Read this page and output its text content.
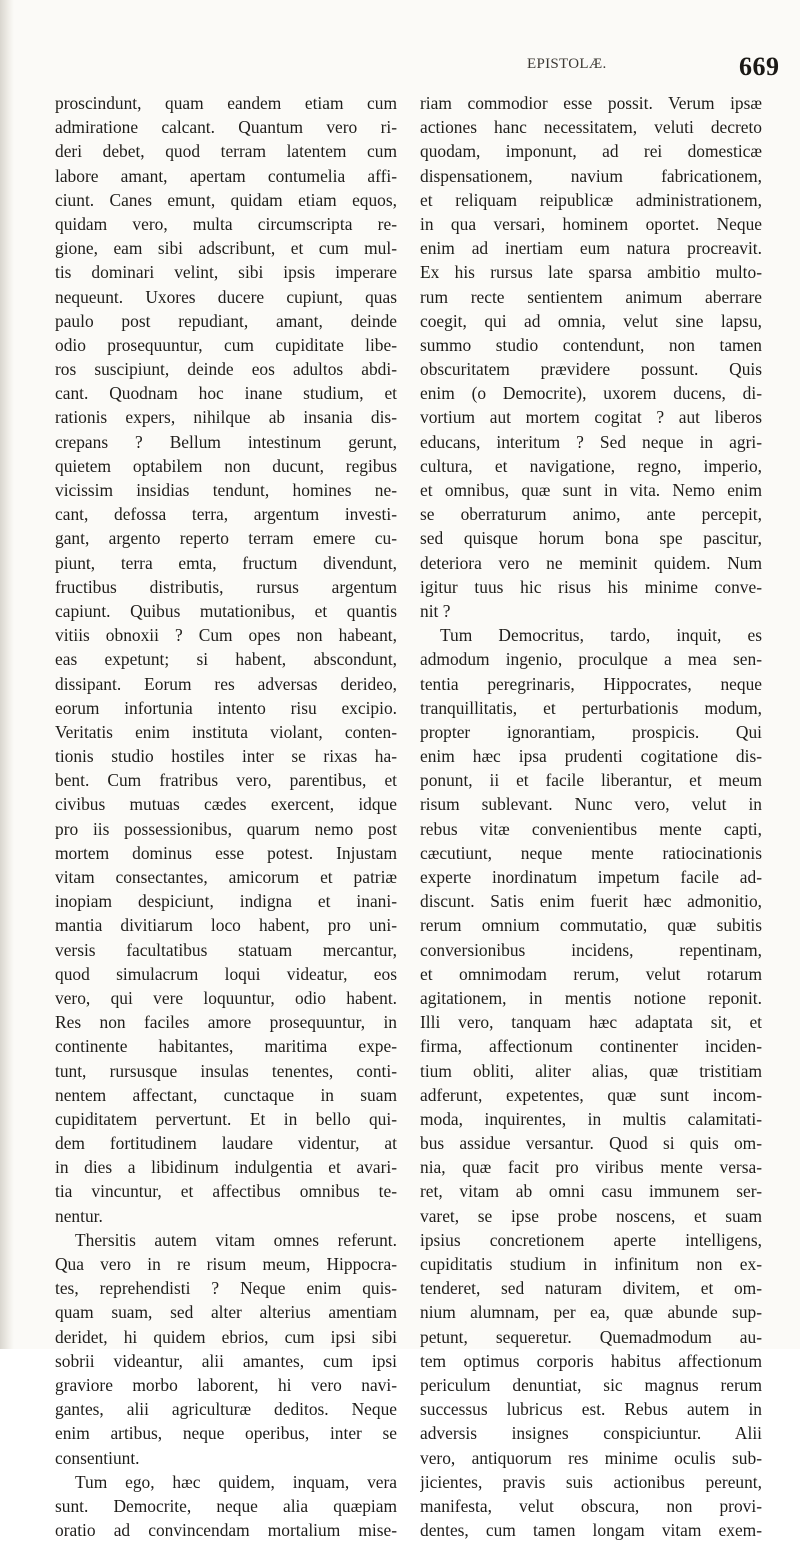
EPISTOLÆ.	669
proscindunt, quam eandem etiam cum
admiratione calcant. Quantum vero ri-
deri debet, quod terram latentem cum
labore amant, apertam contumelia affi-
ciunt. Canes emunt, quidam etiam equos,
quidam vero, multa circumscripta re-
gione, eam sibi adscribunt, et cum mul-
tis dominari velint, sibi ipsis imperare
nequeunt. Uxores ducere cupiunt, quas
paulo post repudiant, amant, deinde
odio prosequuntur, cum cupiditate libe-
ros suscipiunt, deinde eos adultos abdi-
cant. Quodnam hoc inane studium, et
rationis expers, nihilque ab insania dis-
crepans ? Bellum intestinum gerunt,
quietem optabilem non ducunt, regibus
vicissim insidias tendunt, homines ne-
cant, defossa terra, argentum investi-
gant, argento reperto terram emere cu-
piunt, terra emta, fructum divendunt,
fructibus distributis, rursus argentum
capiunt. Quibus mutationibus, et quantis
vitiis obnoxii ? Cum opes non habeant,
eas expetunt; si habent, abscondunt,
dissipant. Eorum res adversas derideo,
eorum infortunia intento risu excipio.
Veritatis enim instituta violant, conten-
tionis studio hostiles inter se rixas ha-
bent. Cum fratribus vero, parentibus, et
civibus mutuas cædes exercent, idque
pro iis possessionibus, quarum nemo post
mortem dominus esse potest. Injustam
vitam consectantes, amicorum et patriæ
inopiam despiciunt, indigna et inani-
mantia divitiarum loco habent, pro uni-
versis facultatibus statuam mercantur,
quod simulacrum loqui videatur, eos
vero, qui vere loquuntur, odio habent.
Res non faciles amore prosequuntur, in
continente habitantes, maritima expe-
tunt, rursusque insulas tenentes, conti-
nentem affectant, cunctaque in suam
cupiditatem pervertunt. Et in bello qui-
dem fortitudinem laudare videntur, at
in dies a libidinum indulgentia et avari-
tia vincuntur, et affectibus omnibus te-
nentur.
Thersitis autem vitam omnes referunt.
Qua vero in re risum meum, Hippocra-
tes, reprehendisti ? Neque enim quis-
quam suam, sed alter alterius amentiam
deridet, hi quidem ebrios, cum ipsi sibi
sobrii videantur, alii amantes, cum ipsi
graviore morbo laborent, hi vero navi-
gantes, alii agriculturæ deditos. Neque
enim artibus, neque operibus, inter se
consentiunt.
Tum ego, hæc quidem, inquam, vera
sunt. Democrite, neque alia quæpiam
oratio ad convincendam mortalium mise-
riam commodior esse possit. Verum ipsæ
actiones hanc necessitatem, veluti decreto
quodam, imponunt, ad rei domesticæ
dispensationem, navium fabricationem,
et reliquam reipublicæ administrationem,
in qua versari, hominem oportet. Neque
enim ad inertiam eum natura procreavit.
Ex his rursus late sparsa ambitio multo-
rum recte sentientem animum aberrare
coegit, qui ad omnia, velut sine lapsu,
summo studio contendunt, non tamen
obscuritatem prævidere possunt. Quis
enim (o Democrite), uxorem ducens, di-
vortium aut mortem cogitat ? aut liberos
educans, interitum ? Sed neque in agri-
cultura, et navigatione, regno, imperio,
et omnibus, quæ sunt in vita. Nemo enim
se oberraturum animo, ante percepit,
sed quisque horum bona spe pascitur,
deteriora vero ne meminit quidem. Num
igitur tuus hic risus his minime conve-
nit ?
Tum Democritus, tardo, inquit, es
admodum ingenio, proculque a mea sen-
tentia peregrinaris, Hippocrates, neque
tranquillitatis, et perturbationis modum,
propter ignorantiam, prospicis. Qui
enim hæc ipsa prudenti cogitatione dis-
ponunt, ii et facile liberantur, et meum
risum sublevant. Nunc vero, velut in
rebus vitæ convenientibus mente capti,
cæcutiunt, neque mente ratiocinationis
experte inordinatum impetum facile ad-
discunt. Satis enim fuerit hæc admonitio,
rerum omnium commutatio, quæ subitis
conversionibus incidens, repentinam,
et omnimodam rerum, velut rotarum
agitationem, in mentis notione reponit.
Illi vero, tanquam hæc adaptata sit, et
firma, affectionum continenter inciden-
tium obliti, aliter alias, quæ tristitiam
adferunt, expetentes, quæ sunt incom-
moda, inquirentes, in multis calamitati-
bus assidue versantur. Quod si quis om-
nia, quæ facit pro viribus mente versa-
ret, vitam ab omni casu immunem ser-
varet, se ipse probe noscens, et suam
ipsius concretionem aperte intelligens,
cupiditatis studium in infinitum non ex-
tenderet, sed naturam divitem, et om-
nium alumnam, per ea, quæ abunde sup-
petunt, sequeretur. Quemadmodum au-
tem optimus corporis habitus affectionum
periculum denuntiat, sic magnus rerum
successus lubricus est. Rebus autem in
adversis insignes conspiciuntur. Alii
vero, antiquorum res minime oculis sub-
jicientes, pravis suis actionibus pereunt,
manifesta, velut obscura, non provi-
dentes, cum tamen longam vitam exem-
